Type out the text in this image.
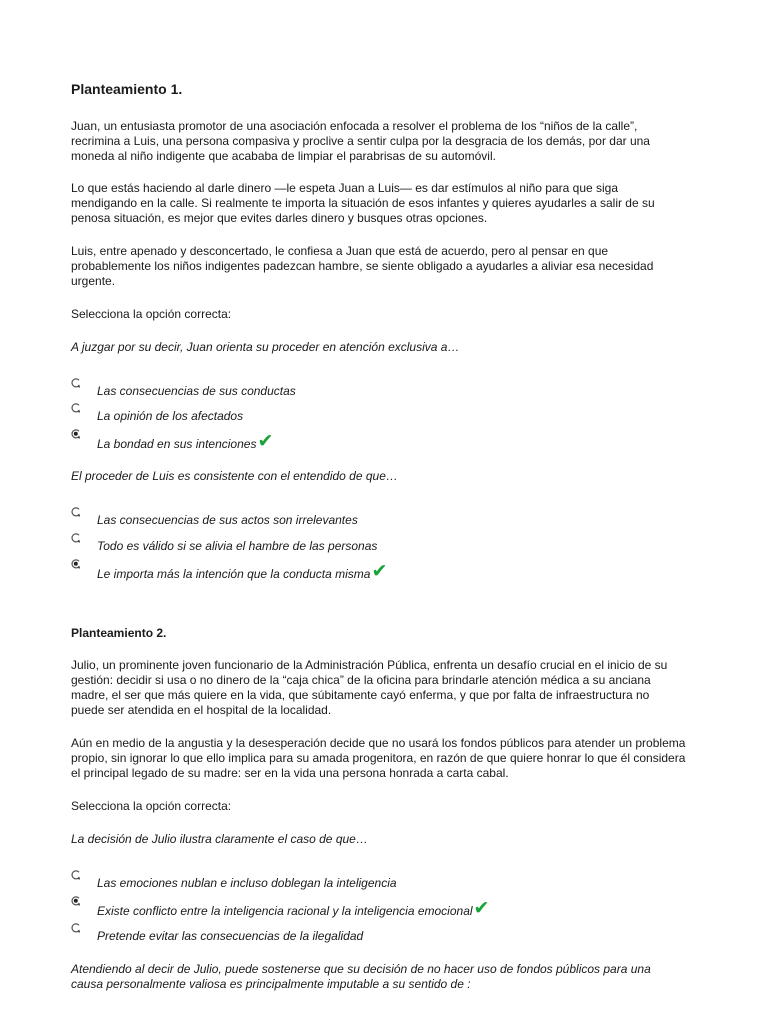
Planteamiento 1.

Juan, un entusiasta promotor de una asociación enfocada a resolver el problema de los “niños de la calle”, recrimina a Luis, una persona compasiva y proclive a sentir culpa por la desgracia de los demás, por dar una moneda al niño indigente que acababa de limpiar el parabrisas de su automóvil.

Lo que estás haciendo al darle dinero —le espeta Juan a Luis— es dar estímulos al niño para que siga mendigando en la calle. Si realmente te importa la situación de esos infantes y quieres ayudarles a salir de su penosa situación, es mejor que evites darles dinero y busques otras opciones.

Luis, entre apenado y desconcertado, le confiesa a Juan que está de acuerdo, pero al pensar en que probablemente los niños indigentes padezcan hambre, se siente obligado a ayudarles a aliviar esa necesidad urgente.

Selecciona la opción correcta:

A juzgar por su decir, Juan orienta su proceder en atención exclusiva a…

Las consecuencias de sus conductas
La opinión de los afectados
La bondad en sus intenciones✔

El proceder de Luis es consistente con el entendido de que…

Las consecuencias de sus actos son irrelevantes
Todo es válido si se alivia el hambre de las personas
Le importa más la intención que la conducta misma✔
Planteamiento 2.

Julio, un prominente joven funcionario de la Administración Pública, enfrenta un desafío crucial en el inicio de su gestión: decidir si usa o no dinero de la “caja chica” de la oficina para brindarle atención médica a su anciana madre, el ser que más quiere en la vida, que súbitamente cayó enferma, y que por falta de infraestructura no puede ser atendida en el hospital de la localidad.

Aún en medio de la angustia y la desesperación decide que no usará los fondos públicos para atender un problema propio, sin ignorar lo que ello implica para su amada progenitora, en razón de que quiere honrar lo que él considera el principal legado de su madre: ser en la vida una persona honrada a carta cabal.

Selecciona la opción correcta:

La decisión de Julio ilustra claramente el caso de que…

Las emociones nublan e incluso doblegan la inteligencia
Existe conflicto entre la inteligencia racional y la inteligencia emocional✔
Pretende evitar las consecuencias de la ilegalidad

Atendiendo al decir de Julio, puede sostenerse que su decisión de no hacer uso de fondos públicos para una causa personalmente valiosa es principalmente imputable a su sentido de :
